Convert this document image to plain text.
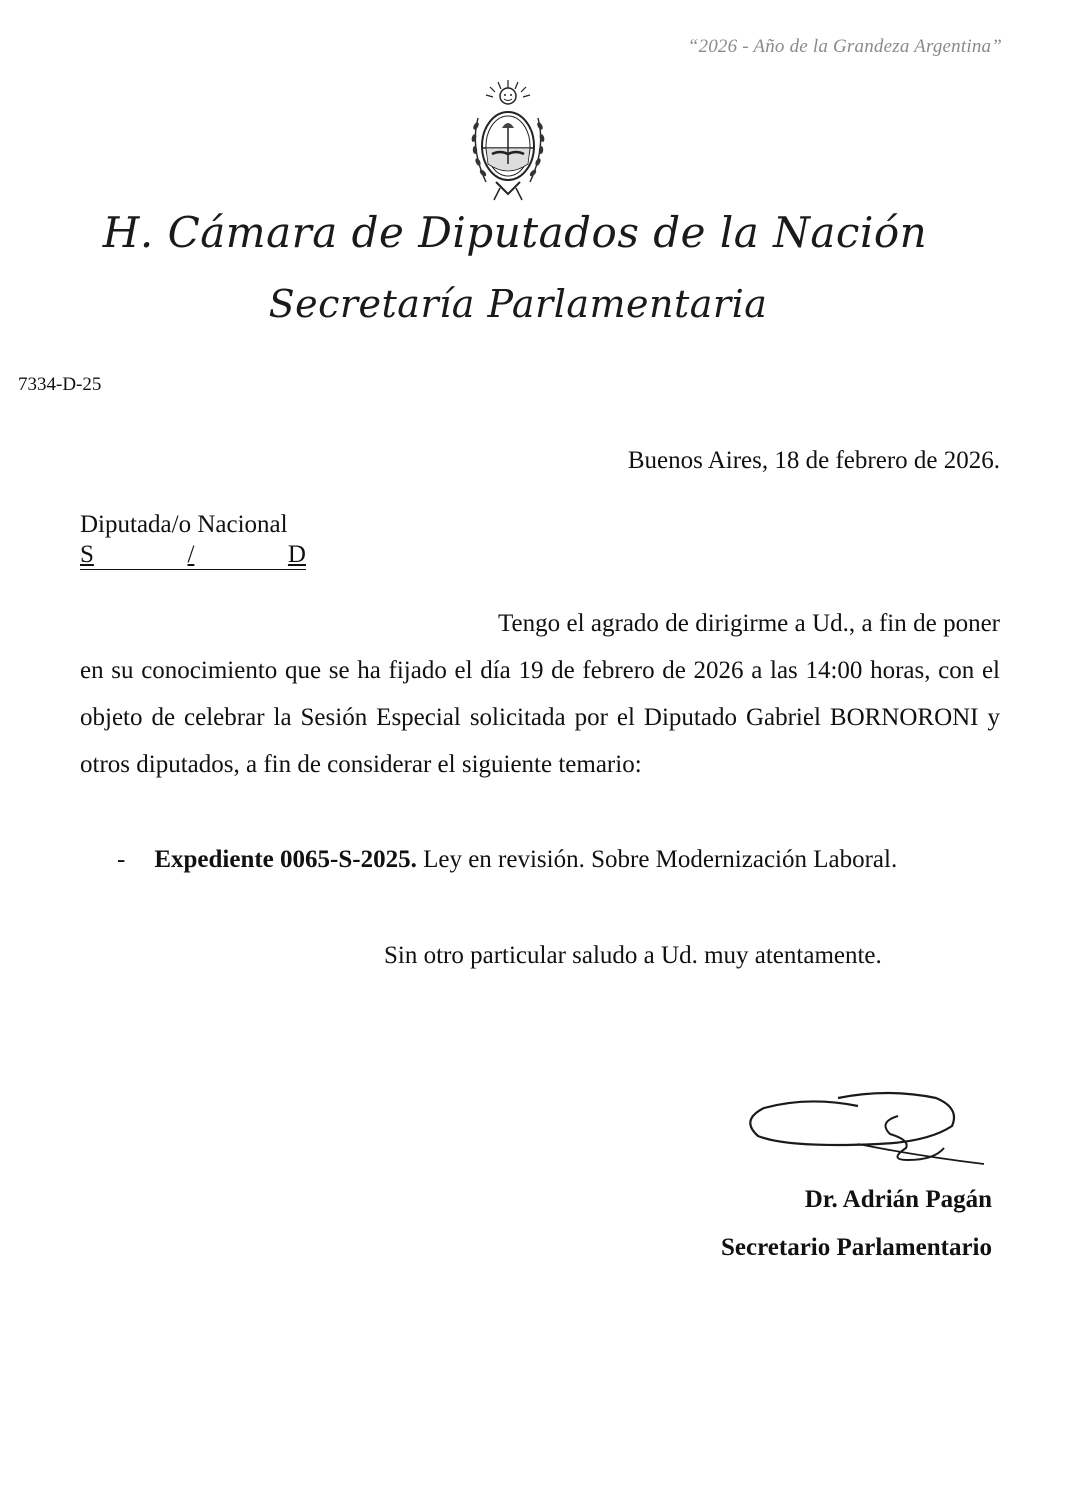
“2026 - Año de la Grandeza Argentina”
H. Cámara de Diputados de la Nación
Secretaría Parlamentaria
7334-D-25
Buenos Aires, 18 de febrero de 2026.
Diputada/o Nacional
S	/	D
Tengo el agrado de dirigirme a Ud., a fin de poner en su conocimiento que se ha fijado el día 19 de febrero de 2026 a las 14:00 horas, con el objeto de celebrar la Sesión Especial solicitada por el Diputado Gabriel BORNORONI y otros diputados, a fin de considerar el siguiente temario:
- Expediente 0065-S-2025. Ley en revisión. Sobre Modernización Laboral.
Sin otro particular saludo a Ud. muy atentamente.
Dr. Adrián Pagán
Secretario Parlamentario
